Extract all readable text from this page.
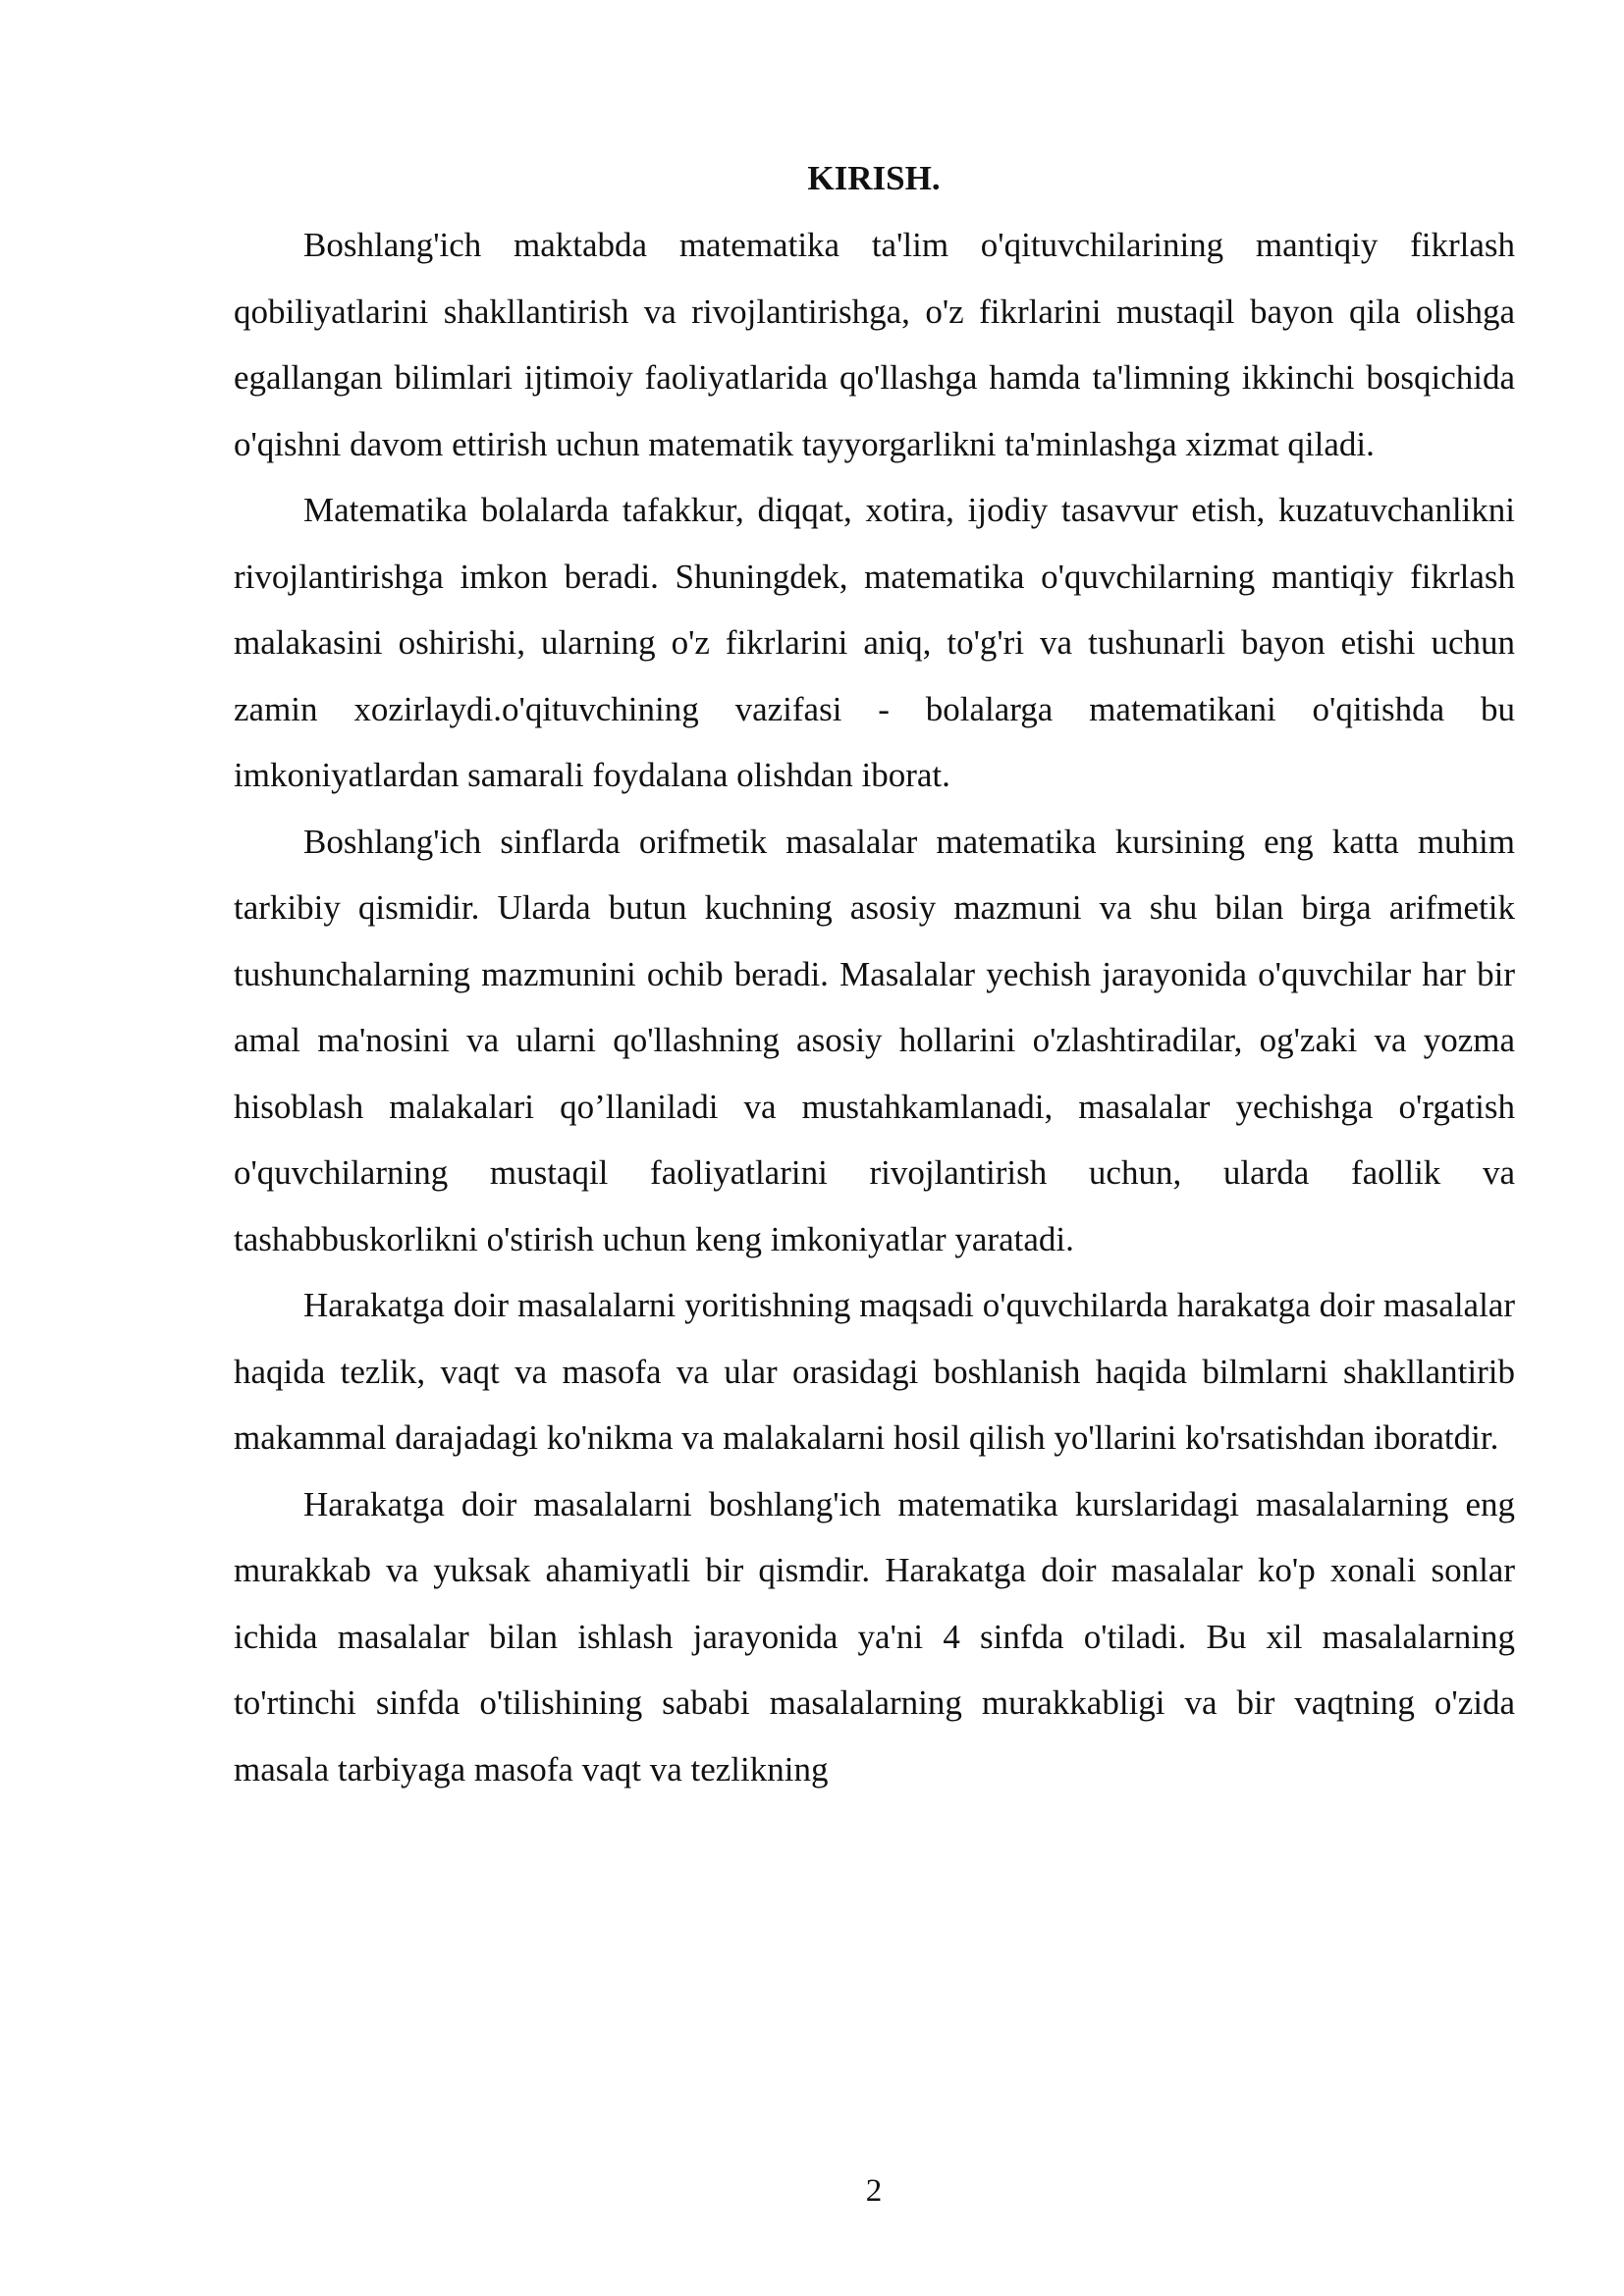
KIRISH.

Boshlang'ich maktabda matematika ta'lim o'qituvchilarining mantiqiy fikrlash qobiliyatlarini shakllantirish va rivojlantirishga, o'z fikrlarini mustaqil bayon qila olishga egallangan bilimlari ijtimoiy faoliyatlarida qo'llashga hamda ta'limning ikkinchi bosqichida o'qishni davom ettirish uchun matematik tayyorgarlikni ta'minlashga xizmat qiladi.

Matematika bolalarda tafakkur, diqqat, xotira, ijodiy tasavvur etish, kuzatuvchanlikni rivojlantirishga imkon beradi. Shuningdek, matematika o'quvchilarning mantiqiy fikrlash malakasini oshirishi, ularning o'z fikrlarini aniq, to'g'ri va tushunarli bayon etishi uchun zamin xozirlaydi.o'qituvchining vazifasi - bolalarga matematikani o'qitishda bu imkoniyatlardan samarali foydalana olishdan iborat.

Boshlang'ich sinflarda orifmetik masalalar matematika kursining eng katta muhim tarkibiy qismidir. Ularda butun kuchning asosiy mazmuni va shu bilan birga arifmetik tushunchalarning mazmunini ochib beradi. Masalalar yechish jarayonida o'quvchilar har bir amal ma'nosini va ularni qo'llashning asosiy hollarini o'zlashtiradilar, og'zaki va yozma hisoblash malakalari qo’llaniladi va mustahkamlanadi, masalalar yechishga o'rgatish o'quvchilarning mustaqil faoliyatlarini rivojlantirish uchun, ularda faollik va tashabbuskorlikni o'stirish uchun keng imkoniyatlar yaratadi.

Harakatga doir masalalarni yoritishning maqsadi o'quvchilarda harakatga doir masalalar haqida tezlik, vaqt va masofa va ular orasidagi boshlanish haqida bilmlarni shakllantirib makammal darajadagi ko'nikma va malakalarni hosil qilish yo'llarini ko'rsatishdan iboratdir.

Harakatga doir masalalarni boshlang'ich matematika kurslaridagi masalalarning eng murakkab va yuksak ahamiyatli bir qismdir. Harakatga doir masalalar ko'p xonali sonlar ichida masalalar bilan ishlash jarayonida ya'ni 4 sinfda o'tiladi. Bu xil masalalarning to'rtinchi sinfda o'tilishining sababi masalalarning murakkabligi va bir vaqtning o'zida masala tarbiyaga masofa vaqt va tezlikning

2
